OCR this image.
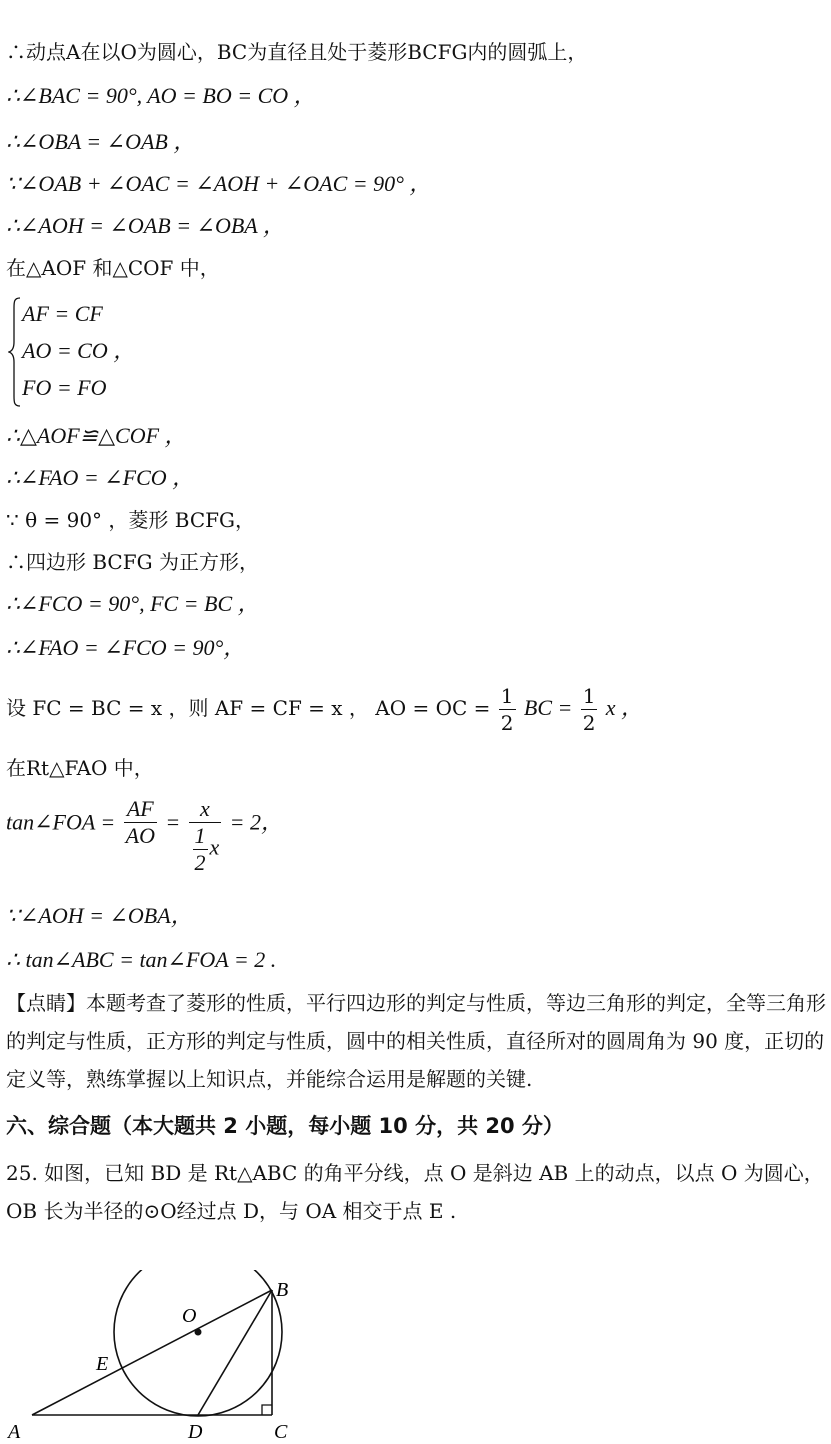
∴动点A在以O为圆心，BC为直径且处于菱形BCFG内的圆弧上，
∴∠BAC = 90°, AO = BO = CO ，
∴∠OBA = ∠OAB ，
∵∠OAB + ∠OAC = ∠AOH + ∠OAC = 90° ，
∴∠AOH = ∠OAB = ∠OBA ，
在△AOF 和△COF 中，
AF = CF
AO = CO ，
FO = FO
∴△AOF≌△COF ，
∴∠FAO = ∠FCO ，
∵ θ = 90° ，菱形 BCFG，
∴四边形 BCFG 为正方形，
∴∠FCO = 90°, FC = BC ，
∴∠FAO = ∠FCO = 90°，
设 FC = BC = x ，则 AF = CF = x ， AO = OC = $\frac{1}{2}$ BC = $\frac{1}{2}$ x ，
在Rt△FAO 中，
tan∠FOA = $\frac{AF}{AO} = \frac{x}{\frac{1}{2} x} = 2$，
∵∠AOH = ∠OBA，
∴ tan∠ABC = tan∠FOA = 2 .
【点睛】本题考查了菱形的性质，平行四边形的判定与性质，等边三角形的判定，全等三角形的判定与性质，正方形的判定与性质，圆中的相关性质，直径所对的圆周角为 90 度，正切的定义等，熟练掌握以上知识点，并能综合运用是解题的关键.
六、综合题（本大题共 2 小题，每小题 10 分，共 20 分）
25. 如图，已知 BD 是 Rt△ABC 的角平分线，点 O 是斜边 AB 上的动点，以点 O 为圆心，OB 长为半径的⊙O经过点 D，与 OA 相交于点 E .
A
B
C
D
E
O
